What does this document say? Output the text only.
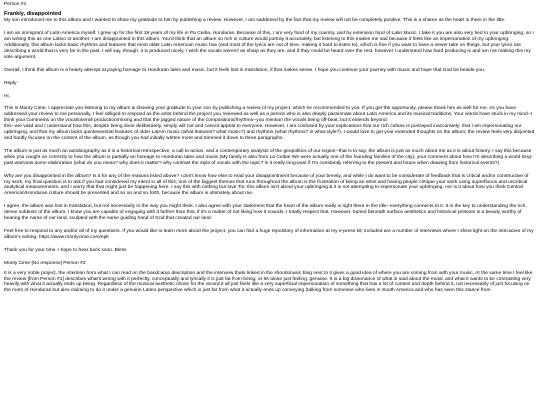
Person #1

Frankly, disappointed

My son introduced me to this album and I wanted to show my gratitude to him by publishing a review. However, I am saddened by the fact that my review will not be completely positive. This is a shame as the heart is there in the title.

I am an immigrant of Latin America myself. I grew up for the first 19 years of my life in Pa Ceiba, Honduras. Because of this, I am very fond of my country, and by extension fond of Latin Music. I take it you are also very tied to your upbringing, so I am writing this as one Latino to another. I am disappointed in this album. You'd think that an album so rich in culture would portray it accurately, but listening to this makes me sad because it feels like an impersonation of my upbringing. Additionally, this album lacks basic rhythms and features that most older Latin American music has (and most of the lyrics are out of time, making it hard to listen to), which is fine if you want to have a newer take on things, but your lyrics are describing a world that is very far in the past. I will say, though, it is produced nicely. I wish the vocals weren't as sharp as they are, and if they could be heard over the rest, however I understand how hard producing is and am not making this my sole argument.

Overall, I think this album is a hearty attempt at paying homage to Honduran tales and music, but it feels lost in translation, if that makes sense. I hope you continue your journey with music and hope that God be beside you.

Reply:

Hi,

This is Monty Cime, I appreciate you listening to my album & showing your gratitude to your son by publishing a review of my project, which he recommended to you. If you get the opportunity, please thank him as well for me. As you have addressed your review to me personally, I feel obliged to respond as the artist behind the project you reviewed as well as a person who is also deeply passionate about Latin America and its musical traditions. Your words have stuck in my mind--I think your comments on the vocal/overall production/mixing and that the jagged nature of the compositions/rhythms--you mention the vocals being off-beat, but it extends beyond
this--are valid and I understand how this, despite being done deliberately, simply will not and cannot appeal to everyone. However, I am confused by your implications that our rich culture is portrayed inaccurately; that I am impersonating our upbringing, and that my album lacks quintessential features of older LatAm music (what features? what music?) and rhythms (what rhythms? in what style?). I would love to get your extended thoughts on the album; the review feels very disjointed and hardly focuses on the content of the album, as though you had initially written more and trimmed it down to three paragraphs.

The album is just as much an autobiography as it is a historical retrospective, a call to action, and a contemporary analysis of the geopolitics of our region--that is to say, the album is just as much about me as it is about history. I say this because while you caught on correctly to how the album is partially an homage to Honduran tales and music (My family is also from La Ceiba! We were actually one of the founding families of the city), your comment about how I'm describing a world long-past warrants some elaboration (what do you mean? why does it matter? why contrast the style of vocals with the topic? is it really long-past if I'm constantly referring to the present and future when drawing from historical events?)

Why are you disappointed in the album? Is it for any of the reasons listed above? I don't know how else to read your disappointment because of your brevity, and while I do want to be considerate of feedback that is critical and/or constructive of my work, my final question is to ask if you had considered my intent in all of this; one of the biggest themes that runs throughout the album is the frustration of being an artist and having people critique your work using superfluous and uncritical analytical measurements, and I worry that that might just be happening here. I say this with nothing but love Tio: this album isn't about your upbringing & it is not attempting to impersonate your upbringing, nor is it about how you think Central American/Honduran culture should be presented and so on and so forth, because the album is ultimately about me.

I agree, the album was lost in translation, but not necessarily in the way you might think. I also agree with your statement that the heart of the album really is right there in the title--everything connects to it. It is the key to understanding the rich, dense subtexts of the album. I know you are capable of engaging with it further than this; if it's a matter of not liking how it sounds, I totally respect that. However, buried beneath surface aesthetics and historical pretexts is a beauty worthy of bearing the name of our land, sculpted with the same guiding hand of God that created our land.

Feel free to respond to any and/or all of my questions. If you would like to learn more about the project, you can find a huge repository of information at my e-press kit; included are a number of interviews where I shine light on the intricacies of my album's writing. https://www.montycime.com/epk

Thank you for your time. I hope to hear back soon. Bless

Monty Cime [No response] Person #2

It is a very noble project, the intention from what I can read on the bandcamp description and the interview thats linked in the shoutsmusic blog next to it gives a good idea of where you are coming from with your music. At the same time I feel like the review [from Person #1] describes what's wrong with it perfectly, conceptually and lyrically it is just far from being, or let alone just feeling, genuine. It is a big dissonance of what is said about the music and what it wants to be contrasting very heavily with what it actually ends up being. Regardless of the musical aesthetic chose for the record it all just feels like a very superficial impersonation of something that has a lot of context and depth behind it, not necessarily of just focusing on the roots of Honduras but also claiming to do it under a genuine Latino perspective which is just far from what it actually ends up conveying (talking from someone who lives in South America and who has seen this stance from
